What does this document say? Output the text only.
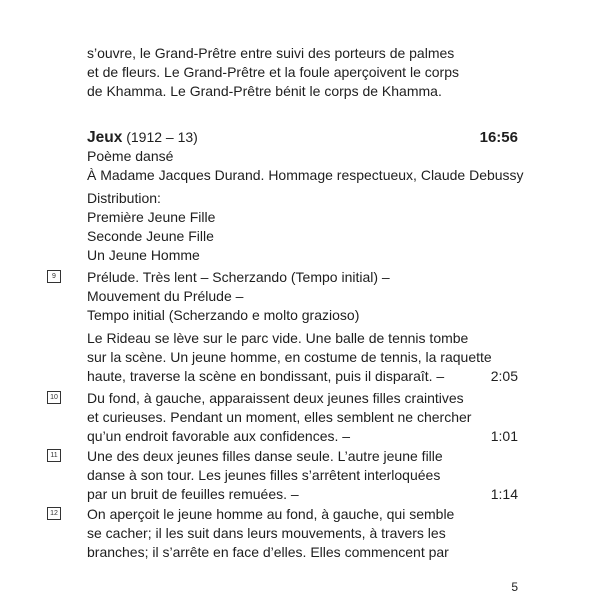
s’ouvre, le Grand-Prêtre entre suivi des porteurs de palmes
et de fleurs. Le Grand-Prêtre et la foule aperçoivent le corps
de Khamma. Le Grand-Prêtre bénit le corps de Khamma.
Jeux (1912 – 13)	16:56
Poème dansé
À Madame Jacques Durand. Hommage respectueux, Claude Debussy
Distribution:
Première Jeune Fille
Seconde Jeune Fille
Un Jeune Homme
9	Prélude. Très lent – Scherzando (Tempo initial) –
Mouvement du Prélude –
Tempo initial (Scherzando e molto grazioso)
Le Rideau se lève sur le parc vide. Une balle de tennis tombe
sur la scène. Un jeune homme, en costume de tennis, la raquette
haute, traverse la scène en bondissant, puis il disparaît. –	2:05
10 Du fond, à gauche, apparaissent deux jeunes filles craintives
et curieuses. Pendant un moment, elles semblent ne chercher
qu’un endroit favorable aux confidences. –	1:01
11 Une des deux jeunes filles danse seule. L’autre jeune fille
danse à son tour. Les jeunes filles s’arrêtent interloquées
par un bruit de feuilles remuées. –	1:14
12 On aperçoit le jeune homme au fond, à gauche, qui semble
se cacher; il les suit dans leurs mouvements, à travers les
branches; il s’arrête en face d’elles. Elles commencent par
5
